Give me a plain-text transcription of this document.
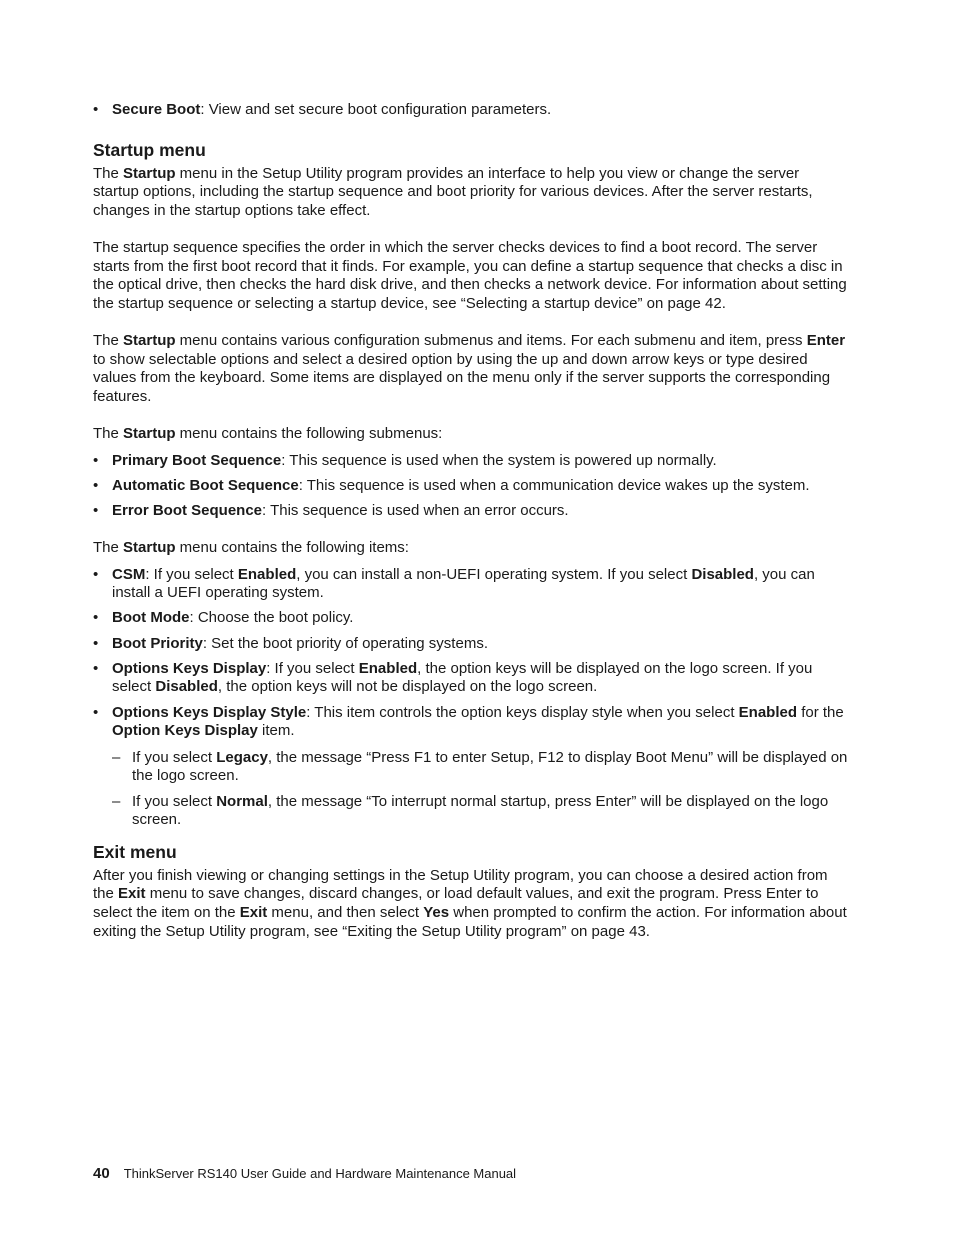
• Secure Boot: View and set secure boot configuration parameters.
Startup menu

The Startup menu in the Setup Utility program provides an interface to help you view or change the server startup options, including the startup sequence and boot priority for various devices. After the server restarts, changes in the startup options take effect.

The startup sequence specifies the order in which the server checks devices to find a boot record. The server starts from the first boot record that it finds. For example, you can define a startup sequence that checks a disc in the optical drive, then checks the hard disk drive, and then checks a network device. For information about setting the startup sequence or selecting a startup device, see “Selecting a startup device” on page 42.

The Startup menu contains various configuration submenus and items. For each submenu and item, press Enter to show selectable options and select a desired option by using the up and down arrow keys or type desired values from the keyboard. Some items are displayed on the menu only if the server supports the corresponding features.

The Startup menu contains the following submenus:

• Primary Boot Sequence: This sequence is used when the system is powered up normally.
• Automatic Boot Sequence: This sequence is used when a communication device wakes up the system.
• Error Boot Sequence: This sequence is used when an error occurs.

The Startup menu contains the following items:

• CSM: If you select Enabled, you can install a non-UEFI operating system. If you select Disabled, you can install a UEFI operating system.
• Boot Mode: Choose the boot policy.
• Boot Priority: Set the boot priority of operating systems.
• Options Keys Display: If you select Enabled, the option keys will be displayed on the logo screen. If you select Disabled, the option keys will not be displayed on the logo screen.
• Options Keys Display Style: This item controls the option keys display style when you select Enabled for the Option Keys Display item.
– If you select Legacy, the message “Press F1 to enter Setup, F12 to display Boot Menu” will be displayed on the logo screen.
– If you select Normal, the message “To interrupt normal startup, press Enter” will be displayed on the logo screen.
Exit menu

After you finish viewing or changing settings in the Setup Utility program, you can choose a desired action from the Exit menu to save changes, discard changes, or load default values, and exit the program. Press Enter to select the item on the Exit menu, and then select Yes when prompted to confirm the action. For information about exiting the Setup Utility program, see “Exiting the Setup Utility program” on page 43.

40 ThinkServer RS140 User Guide and Hardware Maintenance Manual
